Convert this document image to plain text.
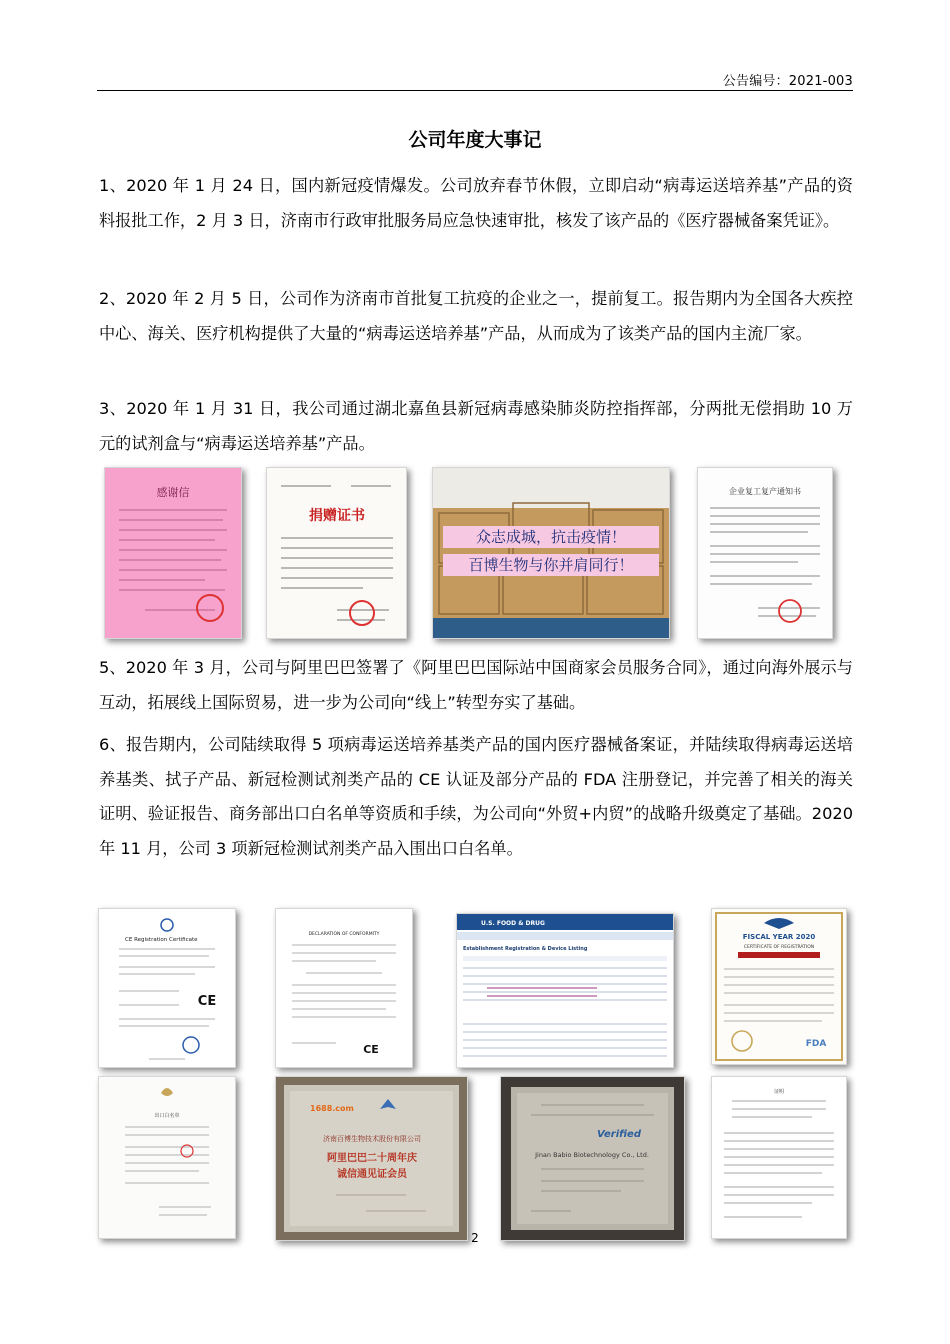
公告编号：2021-003
公司年度大事记

1、2020 年 1 月 24 日，国内新冠疫情爆发。公司放弃春节休假，立即启动“病毒运送培养基”产品的资料报批工作，2 月 3 日，济南市行政审批服务局应急快速审批，核发了该产品的《医疗器械备案凭证》。

2、2020 年 2 月 5 日，公司作为济南市首批复工抗疫的企业之一，提前复工。报告期内为全国各大疾控中心、海关、医疗机构提供了大量的“病毒运送培养基”产品，从而成为了该类产品的国内主流厂家。

3、2020 年 1 月 31 日，我公司通过湖北嘉鱼县新冠病毒感染肺炎防控指挥部，分两批无偿捐助 10 万元的试剂盒与“病毒运送培养基”产品。

感谢信
捐赠证书
众志成城，抗击疫情！
百博生物与你并肩同行！
企业复工复产通知书

5、2020 年 3 月，公司与阿里巴巴签署了《阿里巴巴国际站中国商家会员服务合同》，通过向海外展示与互动，拓展线上国际贸易，进一步为公司向“线上”转型夯实了基础。

6、报告期内，公司陆续取得 5 项病毒运送培养基类产品的国内医疗器械备案证，并陆续取得病毒运送培养基类、拭子产品、新冠检测试剂类产品的 CE 认证及部分产品的 FDA 注册登记，并完善了相关的海关证明、验证报告、商务部出口白名单等资质和手续，为公司向“外贸+内贸”的战略升级奠定了基础。2020 年 11 月，公司 3 项新冠检测试剂类产品入围出口白名单。

CE Registration Certificate
CE
DECLARATION OF CONFORMITY
CE
U.S. FOOD & DRUG
Establishment Registration & Device Listing
FISCAL YEAR 2020
CERTIFICATE OF REGISTRATION
FDA
出口白名单
1688.com
济南百博生物技术股份有限公司
阿里巴巴二十周年庆
诚信通见证会员
Verified
Jinan Babio Biotechnology Co., Ltd.
证明
2
